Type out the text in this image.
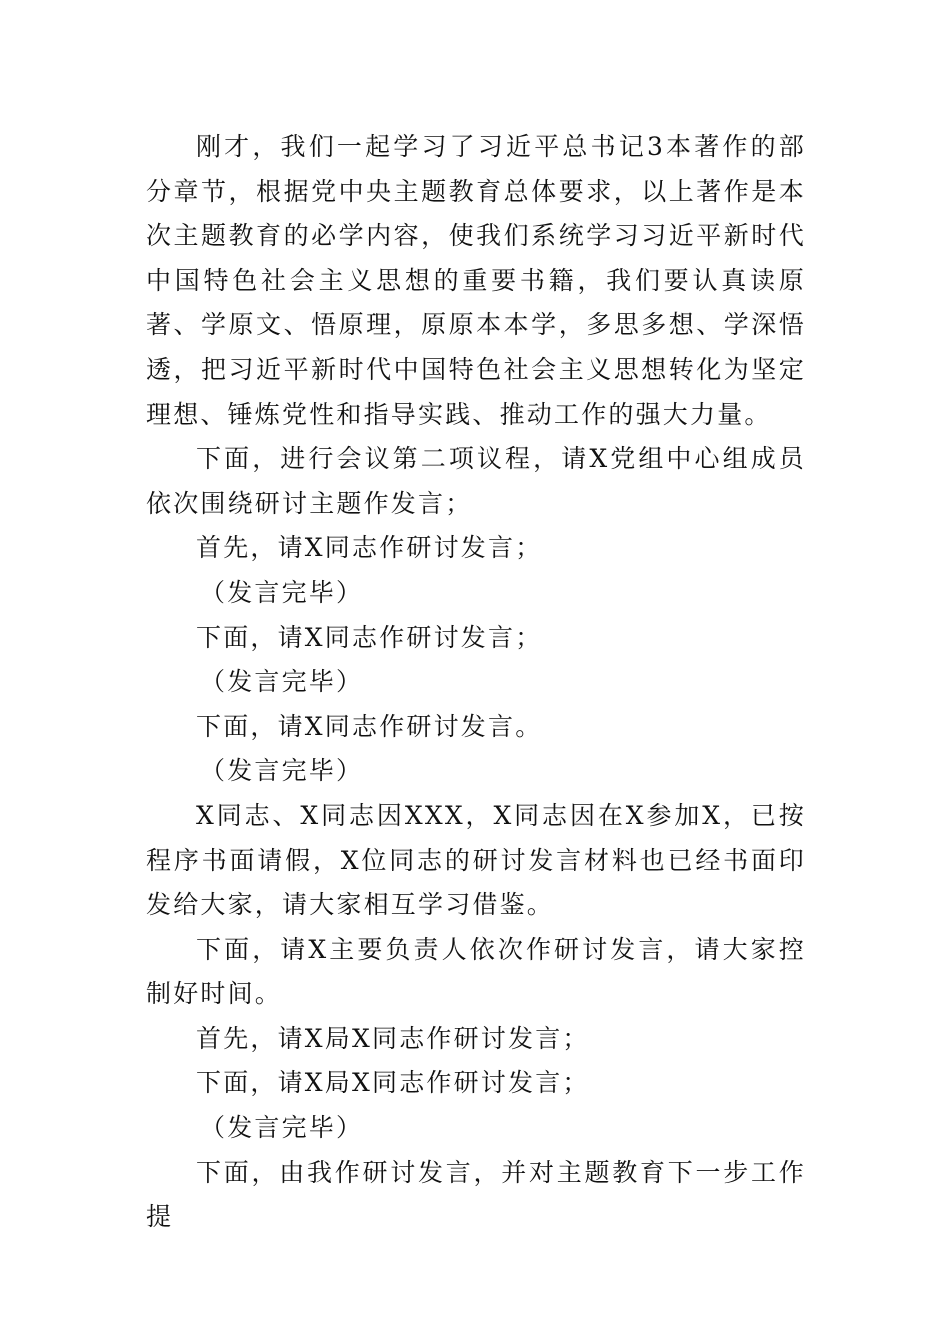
刚才，我们一起学习了习近平总书记3本著作的部分章节，根据党中央主题教育总体要求，以上著作是本次主题教育的必学内容，使我们系统学习习近平新时代中国特色社会主义思想的重要书籍，我们要认真读原著、学原文、悟原理，原原本本学，多思多想、学深悟透，把习近平新时代中国特色社会主义思想转化为坚定理想、锤炼党性和指导实践、推动工作的强大力量。

下面，进行会议第二项议程，请X党组中心组成员依次围绕研讨主题作发言；

首先，请X同志作研讨发言；

（发言完毕）

下面，请X同志作研讨发言；

（发言完毕）

下面，请X同志作研讨发言。

（发言完毕）

X同志、X同志因XXX，X同志因在X参加X，已按程序书面请假，X位同志的研讨发言材料也已经书面印发给大家，请大家相互学习借鉴。

下面，请X主要负责人依次作研讨发言，请大家控制好时间。

首先，请X局X同志作研讨发言；

下面，请X局X同志作研讨发言；

（发言完毕）

下面，由我作研讨发言，并对主题教育下一步工作提
